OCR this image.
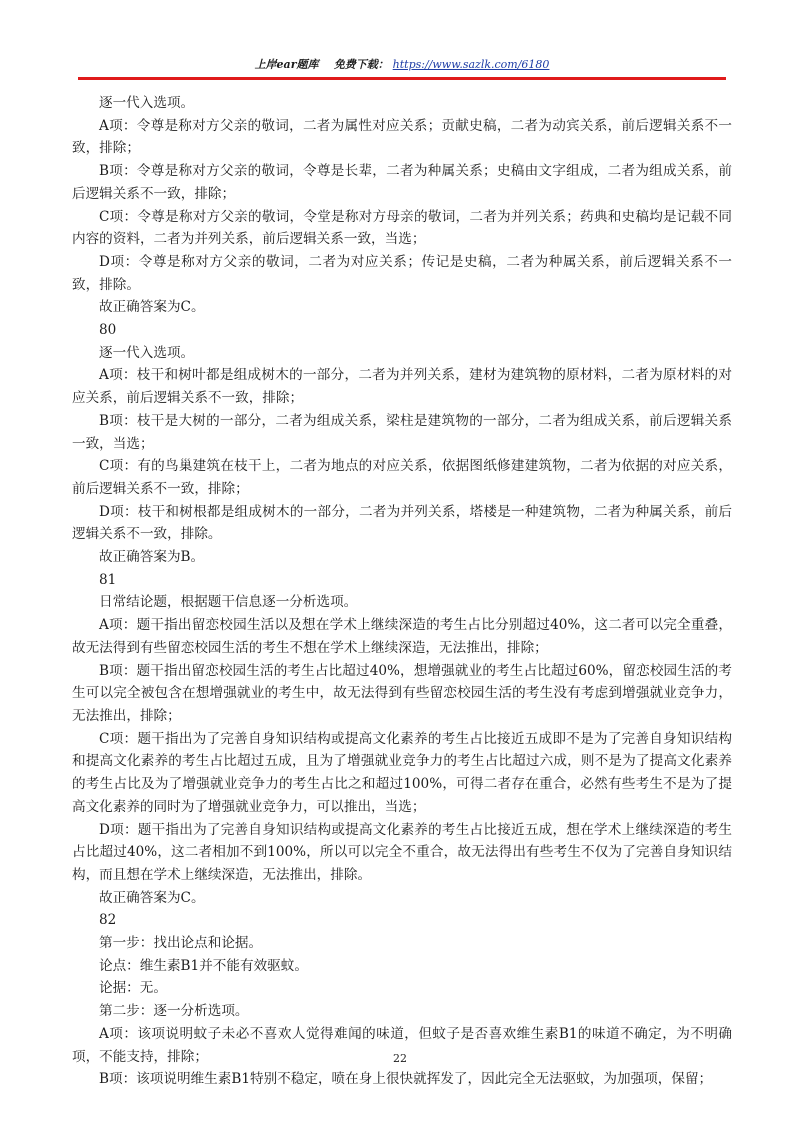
上岸ear题库 免费下载： https://www.sazlk.com/6180

逐一代入选项。

A项：令尊是称对方父亲的敬词，二者为属性对应关系；贡献史稿，二者为动宾关系，前后逻辑关系不一致，排除；

B项：令尊是称对方父亲的敬词，令尊是长辈，二者为种属关系；史稿由文字组成，二者为组成关系，前后逻辑关系不一致，排除；

C项：令尊是称对方父亲的敬词，令堂是称对方母亲的敬词，二者为并列关系；药典和史稿均是记载不同内容的资料，二者为并列关系，前后逻辑关系一致，当选；

D项：令尊是称对方父亲的敬词，二者为对应关系；传记是史稿，二者为种属关系，前后逻辑关系不一致，排除。

故正确答案为C。

80

逐一代入选项。

A项：枝干和树叶都是组成树木的一部分，二者为并列关系，建材为建筑物的原材料，二者为原材料的对应关系，前后逻辑关系不一致，排除；

B项：枝干是大树的一部分，二者为组成关系，梁柱是建筑物的一部分，二者为组成关系，前后逻辑关系一致，当选；

C项：有的鸟巢建筑在枝干上，二者为地点的对应关系，依据图纸修建建筑物，二者为依据的对应关系，前后逻辑关系不一致，排除；

D项：枝干和树根都是组成树木的一部分，二者为并列关系，塔楼是一种建筑物，二者为种属关系，前后逻辑关系不一致，排除。

故正确答案为B。

81

日常结论题，根据题干信息逐一分析选项。

A项：题干指出留恋校园生活以及想在学术上继续深造的考生占比分别超过40%，这二者可以完全重叠，故无法得到有些留恋校园生活的考生不想在学术上继续深造，无法推出，排除；

B项：题干指出留恋校园生活的考生占比超过40%，想增强就业的考生占比超过60%，留恋校园生活的考生可以完全被包含在想增强就业的考生中，故无法得到有些留恋校园生活的考生没有考虑到增强就业竞争力，无法推出，排除；

C项：题干指出为了完善自身知识结构或提高文化素养的考生占比接近五成即不是为了完善自身知识结构和提高文化素养的考生占比超过五成，且为了增强就业竞争力的考生占比超过六成，则不是为了提高文化素养的考生占比及为了增强就业竞争力的考生占比之和超过100%，可得二者存在重合，必然有些考生不是为了提高文化素养的同时为了增强就业竞争力，可以推出，当选；

D项：题干指出为了完善自身知识结构或提高文化素养的考生占比接近五成，想在学术上继续深造的考生占比超过40%，这二者相加不到100%，所以可以完全不重合，故无法得出有些考生不仅为了完善自身知识结构，而且想在学术上继续深造，无法推出，排除。

故正确答案为C。

82

第一步：找出论点和论据。

论点：维生素B1并不能有效驱蚊。

论据：无。

第二步：逐一分析选项。

A项：该项说明蚊子未必不喜欢人觉得难闻的味道，但蚊子是否喜欢维生素B1的味道不确定，为不明确项，不能支持，排除；

B项：该项说明维生素B1特别不稳定，喷在身上很快就挥发了，因此完全无法驱蚊，为加强项，保留；

22
